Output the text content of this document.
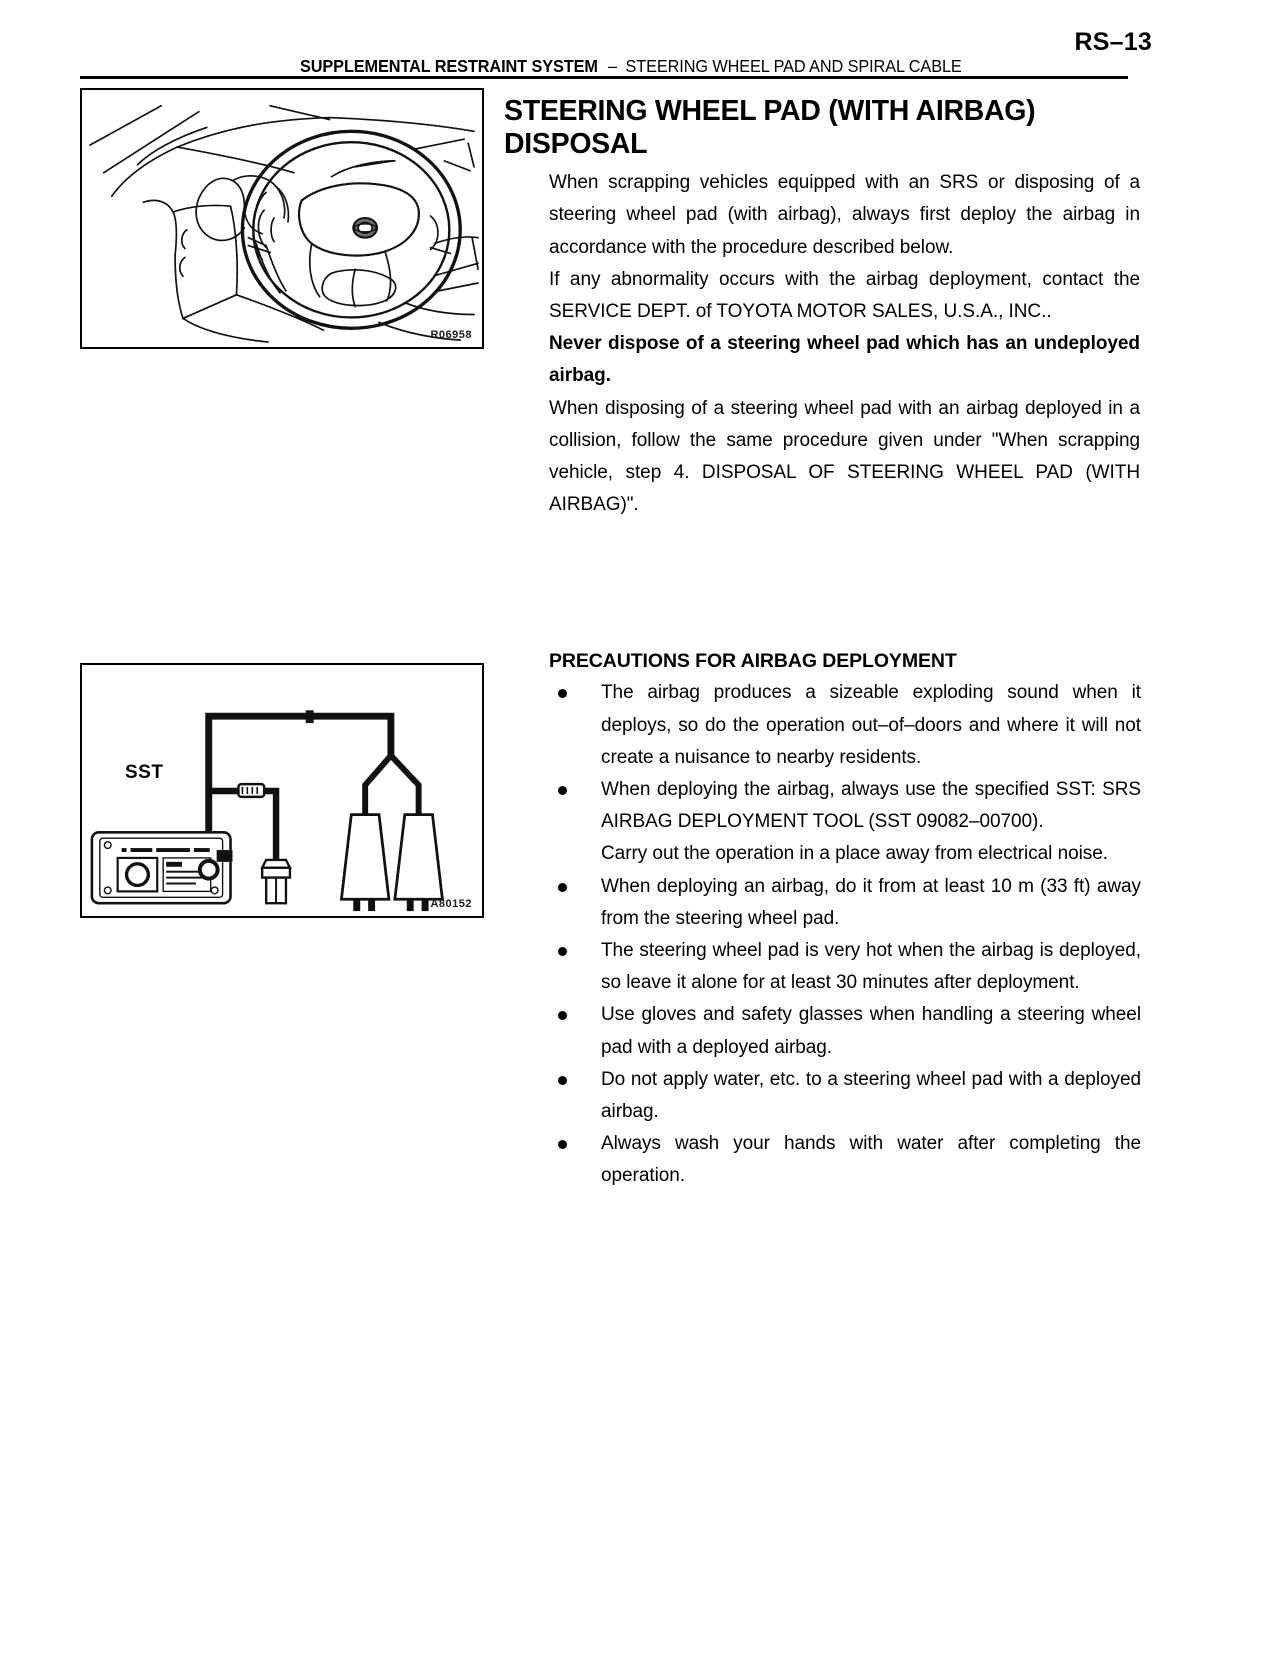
RS–13
SUPPLEMENTAL RESTRAINT SYSTEM – STEERING WHEEL PAD AND SPIRAL CABLE
R06958
SST
A80152
STEERING WHEEL PAD (WITH AIRBAG)
DISPOSAL

When scrapping vehicles equipped with an SRS or disposing of a steering wheel pad (with airbag), always first deploy the airbag in accordance with the procedure described below.

If any abnormality occurs with the airbag deployment, contact the SERVICE DEPT. of TOYOTA MOTOR SALES, U.S.A., INC..

Never dispose of a steering wheel pad which has an undeployed airbag.

When disposing of a steering wheel pad with an airbag deployed in a collision, follow the same procedure given under "When scrapping vehicle, step 4. DISPOSAL OF STEERING WHEEL PAD (WITH AIRBAG)".

PRECAUTIONS FOR AIRBAG DEPLOYMENT
The airbag produces a sizeable exploding sound when it deploys, so do the operation out–of–doors and where it will not create a nuisance to nearby residents.
When deploying the airbag, always use the specified SST: SRS AIRBAG DEPLOYMENT TOOL (SST 09082–00700).
Carry out the operation in a place away from electrical noise.
When deploying an airbag, do it from at least 10 m (33 ft) away from the steering wheel pad.
The steering wheel pad is very hot when the airbag is deployed, so leave it alone for at least 30 minutes after deployment.
Use gloves and safety glasses when handling a steering wheel pad with a deployed airbag.
Do not apply water, etc. to a steering wheel pad with a deployed airbag.
Always wash your hands with water after completing the operation.
